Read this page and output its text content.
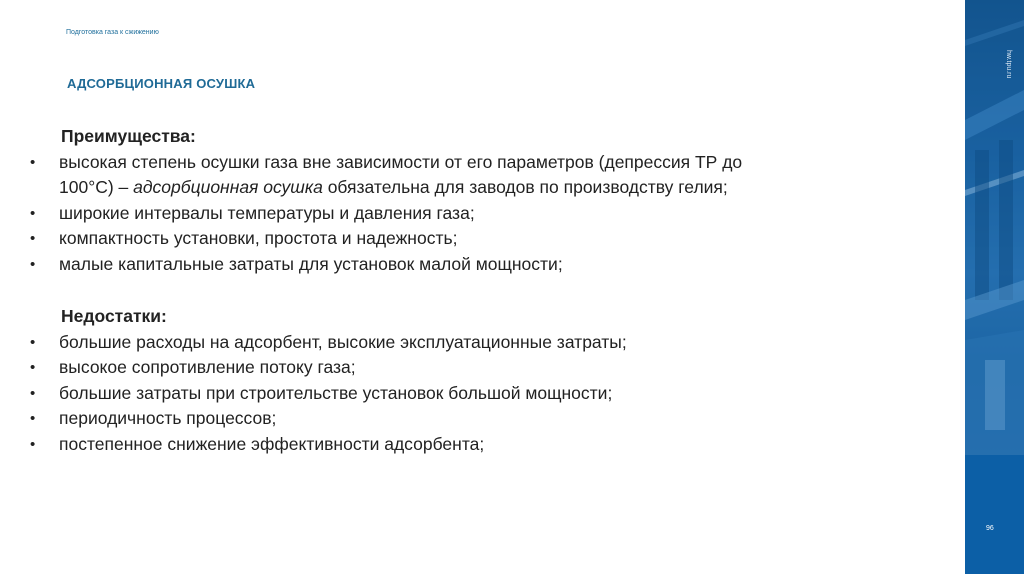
Подготовка газа к сжижению
АДСОРБЦИОННАЯ ОСУШКА
Преимущества:
• высокая степень осушки газа вне зависимости от его параметров (депрессия ТР до
100°С) – адсорбционная осушка обязательна для заводов по производству гелия;
• широкие интервалы температуры и давления газа;
• компактность установки, простота и надежность;
• малые капитальные затраты для установок малой мощности;
Недостатки:
• большие расходы на адсорбент, высокие эксплуатационные затраты;
• высокое сопротивление потоку газа;
• большие затраты при строительстве установок большой мощности;
• периодичность процессов;
• постепенное снижение эффективности адсорбента;
hw.tpu.ru
96
